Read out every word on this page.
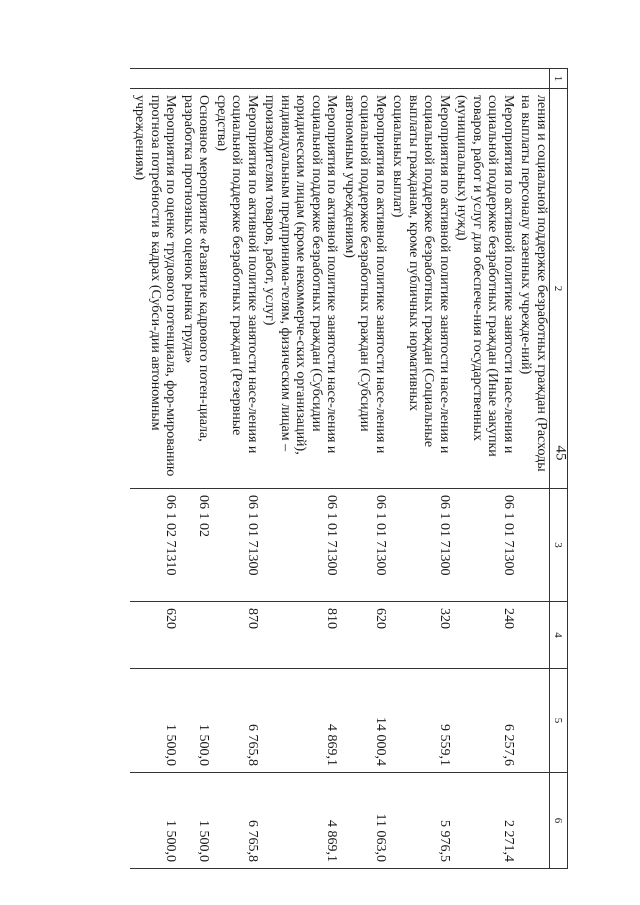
45
1	2	3	4	5	6
	ления и социальной поддержке безработных граждан (Расходы на выплаты персоналу казенных учрежде-ний)				
	Мероприятия по активной политике занятости насе-ления и социальной поддержке безработных граждан (Иные закупки товаров, работ и услуг для обеспече-ния государственных (муниципальных) нужд)	06 1 01 71300	240	6 257,6	2 271,4
	Мероприятия по активной политике занятости насе-ления и социальной поддержке безработных граждан (Социальные выплаты гражданам, кроме публичных нормативных социальных выплат)	06 1 01 71300	320	9 559,1	5 976,5
	Мероприятия по активной политике занятости насе-ления и социальной поддержке безработных граждан (Субсидии автономным учреждениям)	06 1 01 71300	620	14 000,4	11 063,0
	Мероприятия по активной политике занятости насе-ления и социальной поддержке безработных граждан (Субсидии юридическим лицам (кроме некоммерче-ских организаций), индивидуальным предпринима-телям, физическим лицам – производителям товаров, работ, услуг)	06 1 01 71300	810	4 869,1	4 869,1
	Мероприятия по активной политике занятости насе-ления и социальной поддержке безработных граждан (Резервные средства)	06 1 01 71300	870	6 765,8	6 765,8
	Основное мероприятие «Развитие кадрового потен-циала, разработка прогнозных оценок рынка труда»	06 1 02		1 500,0	1 500,0
	Мероприятия по оценке трудового потенциала, фор-мированию прогноза потребности в кадрах (Субси-дии автономным учреждениям)	06 1 02 71310	620	1 500,0	1 500,0
